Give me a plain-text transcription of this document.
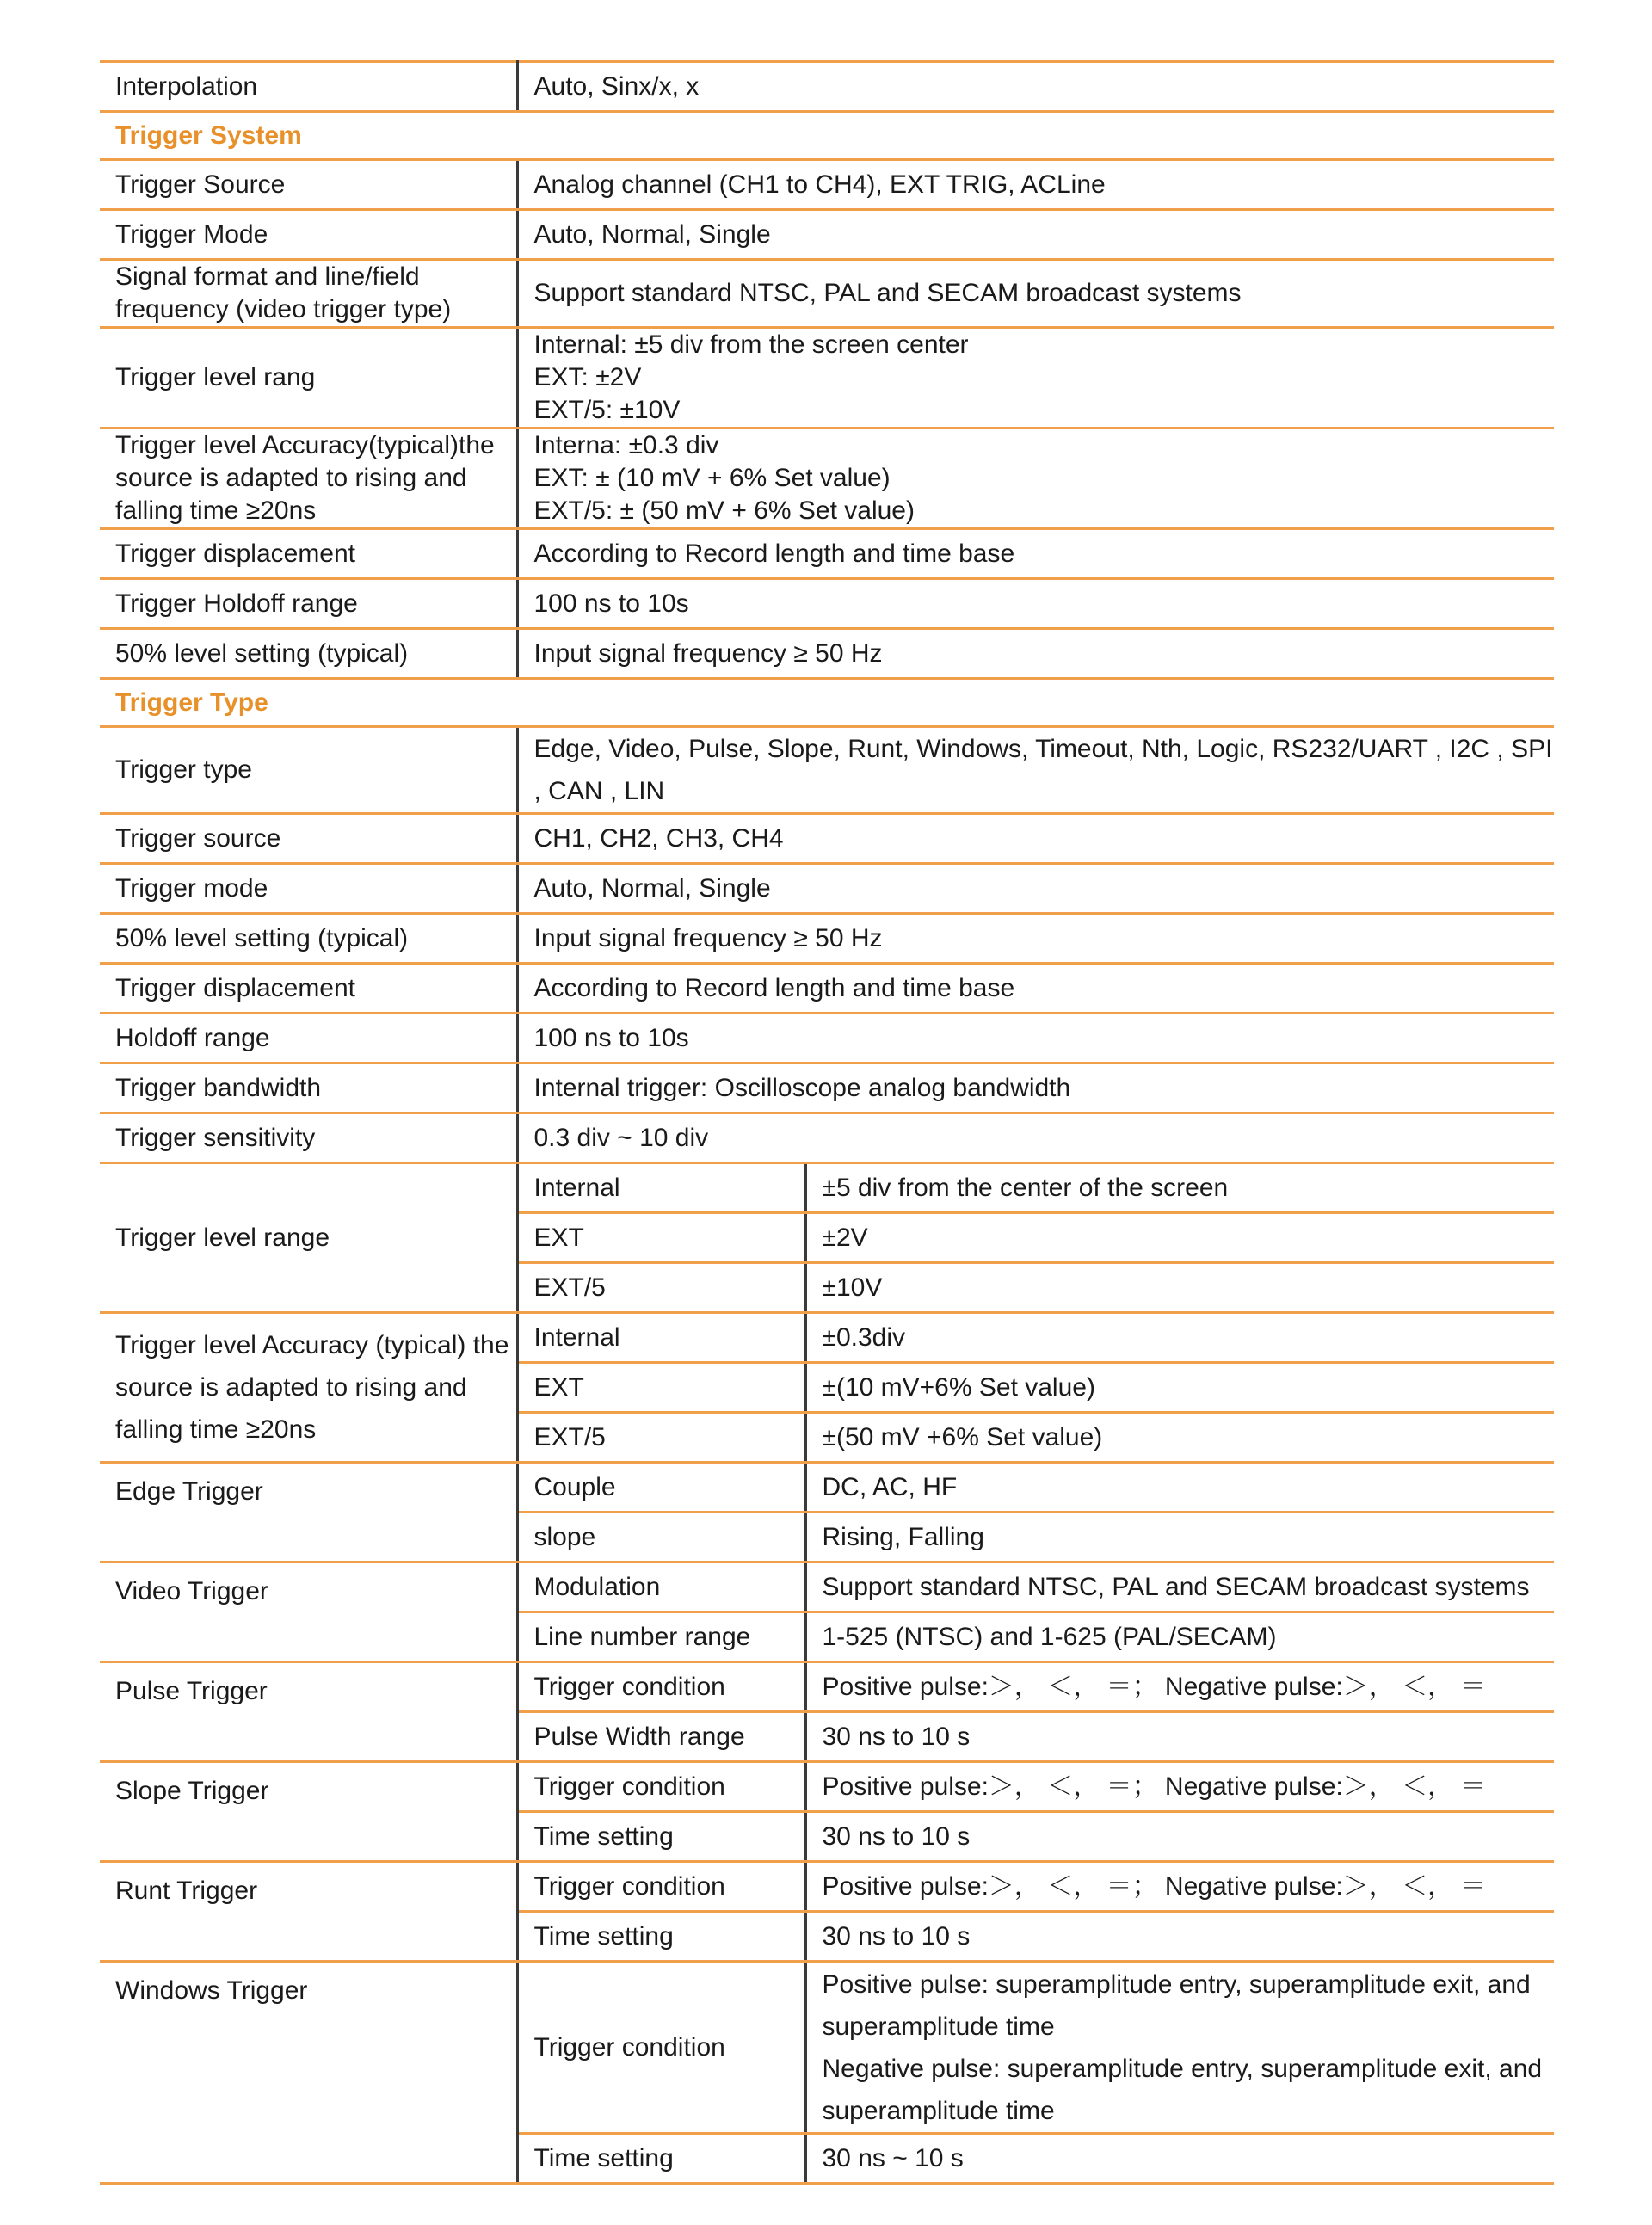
Interpolation	Auto, Sinx/x, x	
Trigger System		
Trigger Source	Analog channel (CH1 to CH4), EXT TRIG, ACLine	
Trigger Mode	Auto, Normal, Single	
Signal format and line/field frequency (video trigger type)	Support standard NTSC, PAL and SECAM broadcast systems	
Trigger level rang	Internal: ±5 div from the screen center
EXT: ±2V
EXT/5: ±10V	
Trigger level Accuracy(typical)the source is adapted to rising and falling time ≥20ns	Interna: ±0.3 div
EXT: ± (10 mV + 6% Set value)
EXT/5: ± (50 mV + 6% Set value)	
Trigger displacement	According to Record length and time base	
Trigger Holdoff range	100 ns to 10s	
50% level setting (typical)	Input signal frequency ≥ 50 Hz	
Trigger Type		
Trigger type	Edge, Video, Pulse, Slope, Runt, Windows, Timeout, Nth, Logic, RS232/UART , I2C , SPI , CAN , LIN	
Trigger source	CH1, CH2, CH3, CH4	
Trigger mode	Auto, Normal, Single	
50% level setting (typical)	Input signal frequency ≥ 50 Hz	
Trigger displacement	According to Record length and time base	
Holdoff range	100 ns to 10s	
Trigger bandwidth	Internal trigger: Oscilloscope analog bandwidth	
Trigger sensitivity	0.3 div ~ 10 div	
Trigger level range	Internal	±5 div from the center of the screen
	EXT	±2V
	EXT/5	±10V
Trigger level Accuracy (typical) the source is adapted to rising and falling time ≥20ns	Internal	±0.3div
	EXT	±(10 mV+6% Set value)
	EXT/5	±(50 mV +6% Set value)
Edge Trigger	Couple	DC, AC, HF
	slope	Rising, Falling
Video Trigger	Modulation	Support standard NTSC, PAL and SECAM broadcast systems
	Line number range	1-525 (NTSC) and 1-625 (PAL/SECAM)
Pulse Trigger	Trigger condition	Positive pulse:＞， ＜， ＝； Negative pulse:＞， ＜， ＝
	Pulse Width range	30 ns to 10 s
Slope Trigger	Trigger condition	Positive pulse:＞， ＜， ＝； Negative pulse:＞， ＜， ＝
	Time setting	30 ns to 10 s
Runt Trigger	Trigger condition	Positive pulse:＞， ＜， ＝； Negative pulse:＞， ＜， ＝
	Time setting	30 ns to 10 s
Windows Trigger	Trigger condition	Positive pulse: superamplitude entry, superamplitude exit, and superamplitude time
Negative pulse: superamplitude entry, superamplitude exit, and superamplitude time
	Time setting	30 ns ~ 10 s
